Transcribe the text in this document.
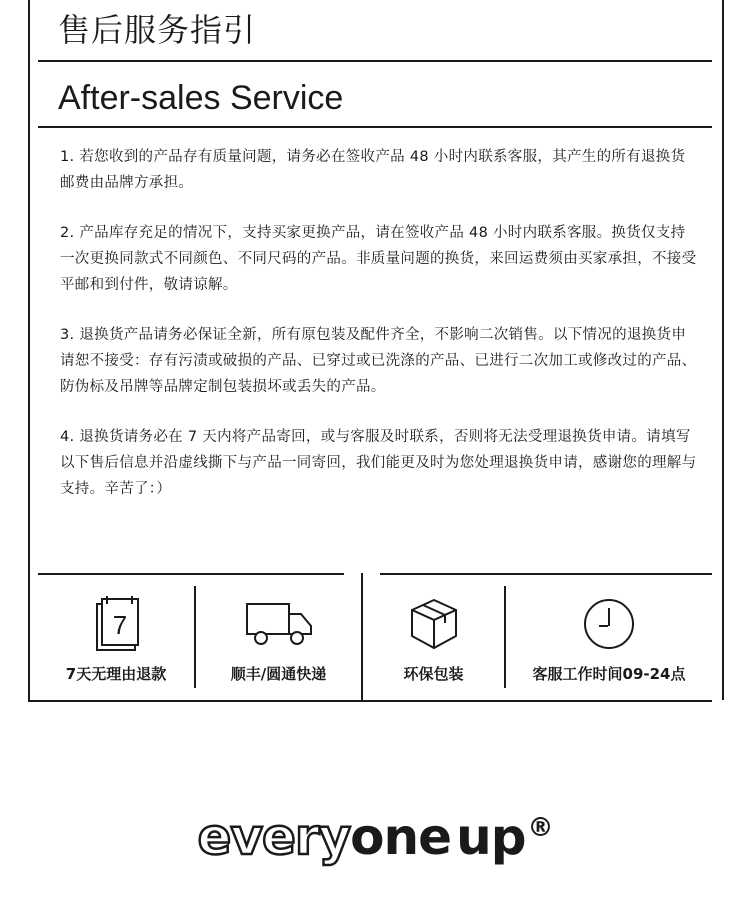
售后服务指引
After-sales Service

1. 若您收到的产品存有质量问题，请务必在签收产品 48 小时内联系客服，其产生的所有退换货邮费由品牌方承担。

2. 产品库存充足的情况下，支持买家更换产品，请在签收产品 48 小时内联系客服。换货仅支持一次更换同款式不同颜色、不同尺码的产品。非质量问题的换货，来回运费须由买家承担，不接受平邮和到付件，敬请谅解。

3. 退换货产品请务必保证全新，所有原包装及配件齐全，不影响二次销售。以下情况的退换货申请恕不接受：存有污渍或破损的产品、已穿过或已洗涤的产品、已进行二次加工或修改过的产品、防伪标及吊牌等品牌定制包装损坏或丢失的产品。

4. 退换货请务必在 7 天内将产品寄回，或与客服及时联系，否则将无法受理退换货申请。请填写以下售后信息并沿虚线撕下与产品一同寄回，我们能更及时为您处理退换货申请，感谢您的理解与支持。辛苦了：）

7
7天无理由退款	顺丰/圆通快递	环保包装	客服工作时间09-24点
everyone up®
